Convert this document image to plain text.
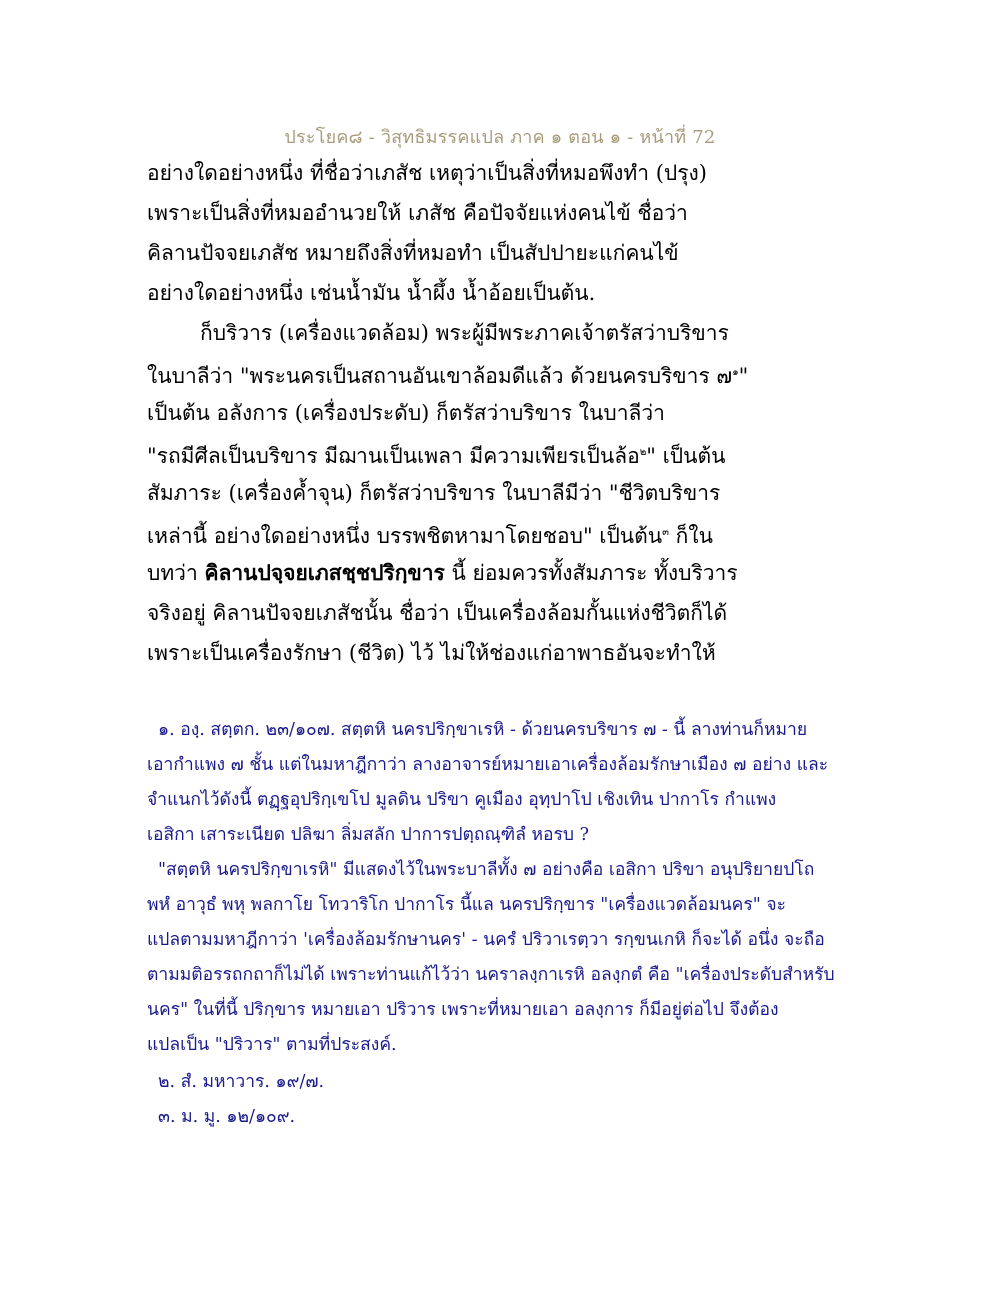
ประโยค๘ - วิสุทธิมรรคแปล ภาค ๑ ตอน ๑ - หน้าที่ 72
อย่างใดอย่างหนึ่ง ที่ชื่อว่าเภสัช เหตุว่าเป็นสิ่งที่หมอพึงทำ (ปรุง)
เพราะเป็นสิ่งที่หมออำนวยให้ เภสัช คือปัจจัยแห่งคนไข้ ชื่อว่า
คิลานปัจจยเภสัช หมายถึงสิ่งที่หมอทำ เป็นสัปปายะแก่คนไข้
อย่างใดอย่างหนึ่ง เช่นน้ำมัน น้ำผึ้ง น้ำอ้อยเป็นต้น.
ก็บริวาร (เครื่องแวดล้อม) พระผู้มีพระภาคเจ้าตรัสว่าบริขาร
ในบาลีว่า "พระนครเป็นสถานอันเขาล้อมดีแล้ว ด้วยนครบริขาร ๗$^๑$"
เป็นต้น อลังการ (เครื่องประดับ) ก็ตรัสว่าบริขาร ในบาลีว่า
"รถมีศีลเป็นบริขาร มีฌานเป็นเพลา มีความเพียรเป็นล้อ$^๒$" เป็นต้น
สัมภาระ (เครื่องค้ำจุน) ก็ตรัสว่าบริขาร ในบาลีมีว่า "ชีวิตบริขาร
เหล่านี้ อย่างใดอย่างหนึ่ง บรรพชิตหามาโดยชอบ" เป็นต้น$^๓$ ก็ใน
บทว่า คิลานปจฺจยเภสชฺชปริกฺขาร นี้ ย่อมควรทั้งสัมภาระ ทั้งบริวาร
จริงอยู่ คิลานปัจจยเภสัชนั้น ชื่อว่า เป็นเครื่องล้อมกั้นแห่งชีวิตก็ได้
เพราะเป็นเครื่องรักษา (ชีวิต) ไว้ ไม่ให้ช่องแก่อาพาธอันจะทำให้
๑. องฺ. สตฺตก. ๒๓/๑๐๗. สตฺตหิ นครปริกฺขาเรหิ - ด้วยนครบริขาร ๗ - นี้ ลางท่านก็หมาย
เอากำแพง ๗ ชั้น แต่ในมหาฎีกาว่า ลางอาจารย์หมายเอาเครื่องล้อมรักษาเมือง ๗ อย่าง และ
จำแนกไว้ดังนี้ ตฏฺฐอุปริกฺเขโป มูลดิน ปริขา คูเมือง อุทฺปาโป เชิงเทิน ปากาโร กำแพง
เอสิกา เสาระเนียด ปลิฆา ลิ่มสลัก ปาการปตฺถณฺฑิลํ หอรบ ?
"สตฺตหิ นครปริกฺขาเรหิ" มีแสดงไว้ในพระบาลีทั้ง ๗ อย่างคือ เอสิกา ปริขา อนุปริยายปโถ
พหํ อาวุธํ พหุ พลกาโย โทวาริโก ปากาโร นี้แล นครปริกฺขาร "เครื่องแวดล้อมนคร" จะ
แปลตามมหาฎีกาว่า 'เครื่องล้อมรักษานคร' - นครํ ปริวาเรตฺวา รกฺขนเกหิ ก็จะได้ อนึ่ง จะถือ
ตามมติอรรถกถาก็ไม่ได้ เพราะท่านแก้ไว้ว่า นคราลงฺกาเรหิ อลงฺกตํ คือ "เครื่องประดับสำหรับ
นคร" ในที่นี้ ปริกฺขาร หมายเอา ปริวาร เพราะที่หมายเอา อลงฺการ ก็มีอยู่ต่อไป จึงต้อง
แปลเป็น "ปริวาร" ตามที่ประสงค์.
๒. สํ. มหาวาร. ๑๙/๗.
๓. ม. มู. ๑๒/๑๐๙.
